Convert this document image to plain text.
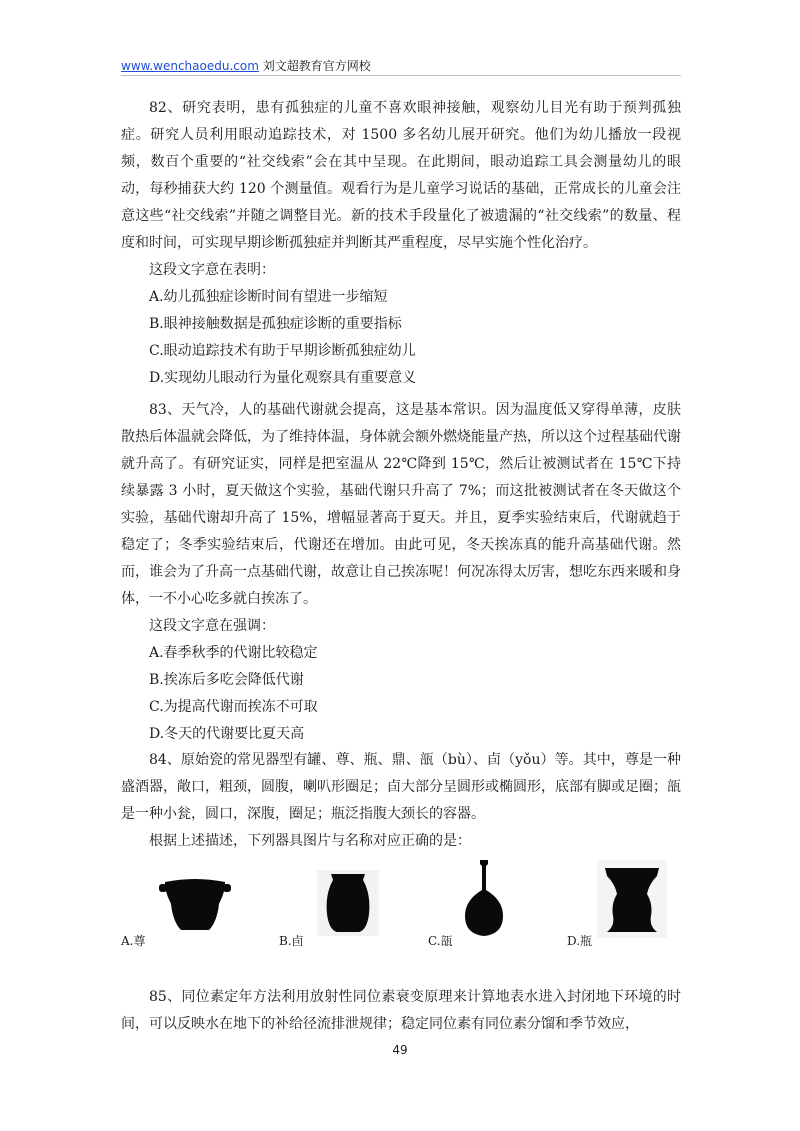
www.wenchaoedu.com 刘文超教育官方网校

82、研究表明，患有孤独症的儿童不喜欢眼神接触，观察幼儿目光有助于预判孤独症。研究人员利用眼动追踪技术，对 1500 多名幼儿展开研究。他们为幼儿播放一段视频，数百个重要的“社交线索”会在其中呈现。在此期间，眼动追踪工具会测量幼儿的眼动，每秒捕获大约 120 个测量值。观看行为是儿童学习说话的基础，正常成长的儿童会注意这些“社交线索”并随之调整目光。新的技术手段量化了被遗漏的“社交线索”的数量、程度和时间，可实现早期诊断孤独症并判断其严重程度，尽早实施个性化治疗。

这段文字意在表明：

A.幼儿孤独症诊断时间有望进一步缩短

B.眼神接触数据是孤独症诊断的重要指标

C.眼动追踪技术有助于早期诊断孤独症幼儿

D.实现幼儿眼动行为量化观察具有重要意义

83、天气冷，人的基础代谢就会提高，这是基本常识。因为温度低又穿得单薄，皮肤散热后体温就会降低，为了维持体温，身体就会额外燃烧能量产热，所以这个过程基础代谢就升高了。有研究证实，同样是把室温从 22℃降到 15℃，然后让被测试者在 15℃下持续暴露 3 小时，夏天做这个实验，基础代谢只升高了 7%；而这批被测试者在冬天做这个实验，基础代谢却升高了 15%，增幅显著高于夏天。并且，夏季实验结束后，代谢就趋于稳定了；冬季实验结束后，代谢还在增加。由此可见，冬天挨冻真的能升高基础代谢。然而，谁会为了升高一点基础代谢，故意让自己挨冻呢！何况冻得太厉害，想吃东西来暖和身体，一不小心吃多就白挨冻了。

这段文字意在强调：

A.春季秋季的代谢比较稳定

B.挨冻后多吃会降低代谢

C.为提高代谢而挨冻不可取

D.冬天的代谢要比夏天高

84、原始瓷的常见器型有罐、尊、瓶、鼎、瓿（bù）、卣（yǒu）等。其中，尊是一种盛酒器，敞口，粗颈，圆腹，喇叭形圈足；卣大部分呈圆形或椭圆形，底部有脚或足圈；瓿是一种小瓮，圆口，深腹，圈足；瓶泛指腹大颈长的容器。

根据上述描述，下列器具图片与名称对应正确的是：

A.尊	B.卣	C.瓿	D.瓶

85、同位素定年方法利用放射性同位素衰变原理来计算地表水进入封闭地下环境的时间，可以反映水在地下的补给径流排泄规律；稳定同位素有同位素分馏和季节效应，

49
